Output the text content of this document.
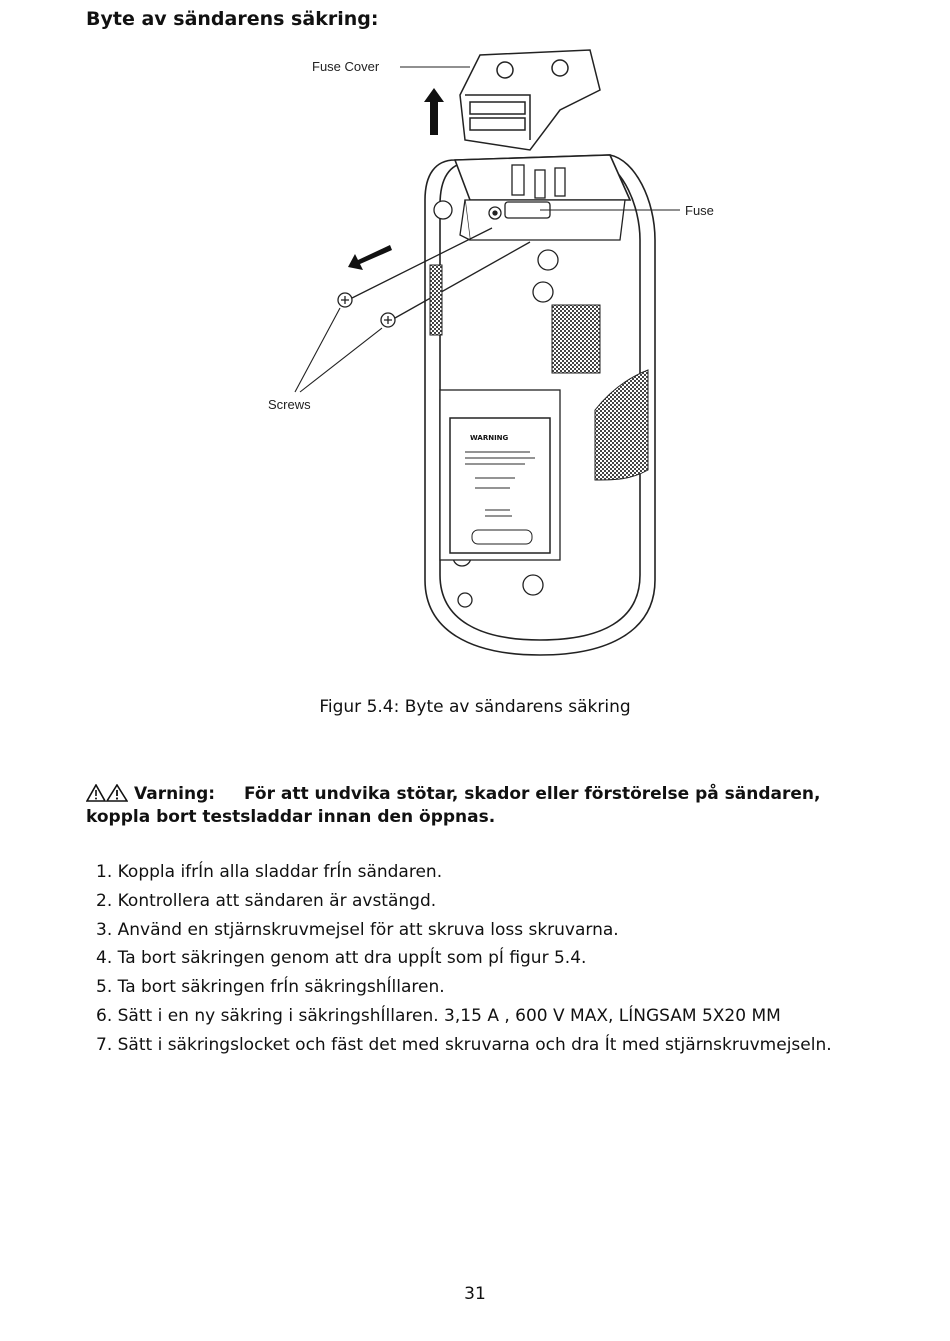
Byte av sändarens säkring:
WARNING
Fuse Cover
Fuse
Screws
Figur 5.4: Byte av sändarens säkring
Varning: För att undvika stötar, skador eller förstörelse på sändaren, koppla bort testsladdar innan den öppnas.
1. Koppla ifrÍn alla sladdar frÍn sändaren.
2. Kontrollera att sändaren är avstängd.
3. Använd en stjärnskruvmejsel för att skruva loss skruvarna.
4. Ta bort säkringen genom att dra uppÍt som pÍ figur 5.4.
5. Ta bort säkringen frÍn säkringshÍllaren.
6. Sätt i en ny säkring i säkringshÍllaren. 3,15 A , 600 V MAX, LÍNGSAM 5X20 MM
7. Sätt i säkringslocket och fäst det med skruvarna och dra Ít med stjärnskruvmejseln.
31
